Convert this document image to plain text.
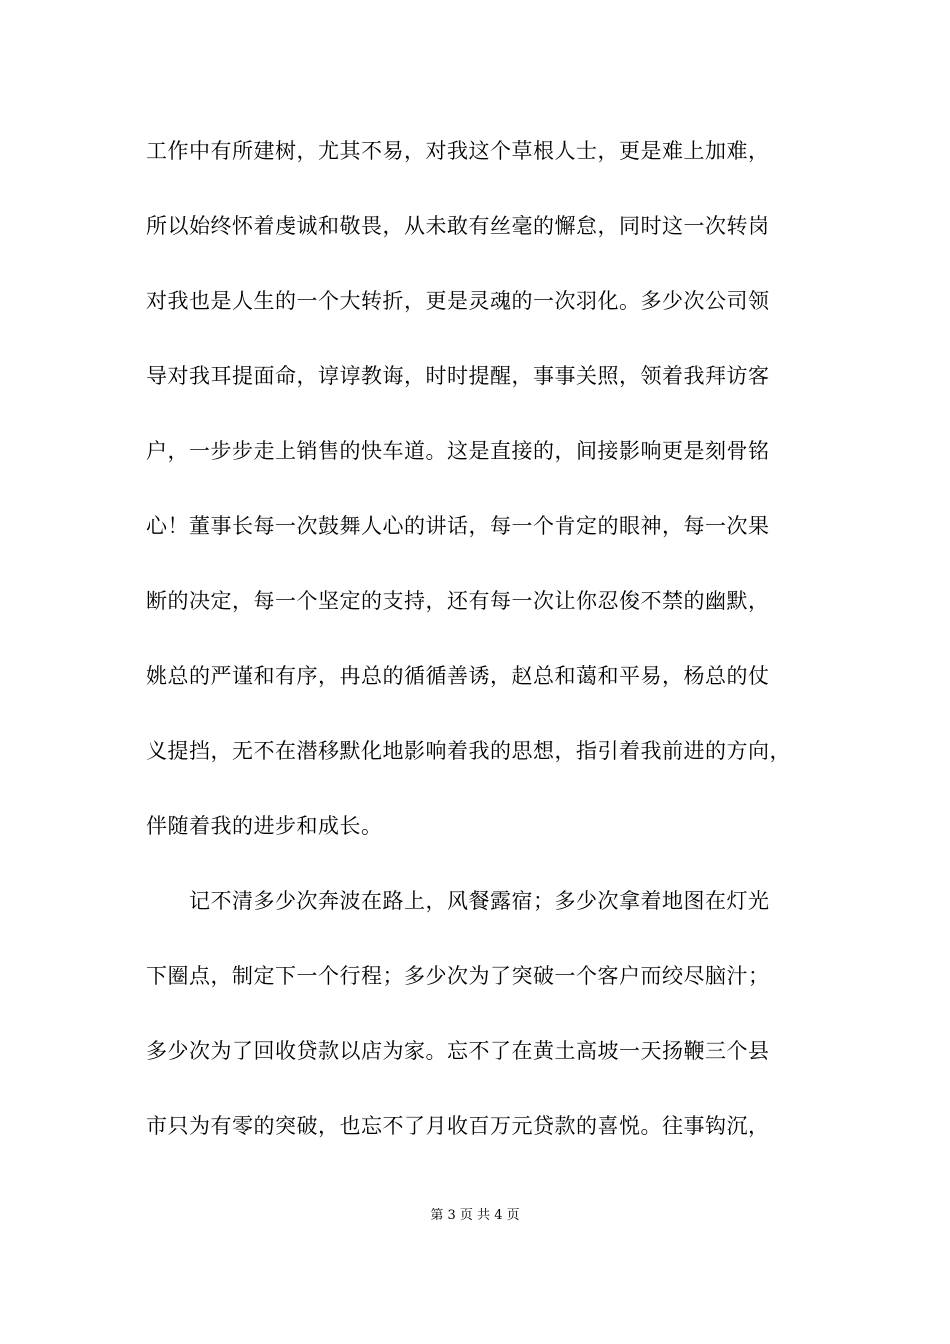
工作中有所建树，尤其不易，对我这个草根人士，更是难上加难，
所以始终怀着虔诚和敬畏，从未敢有丝毫的懈怠，同时这一次转岗
对我也是人生的一个大转折，更是灵魂的一次羽化。多少次公司领
导对我耳提面命，谆谆教诲，时时提醒，事事关照，领着我拜访客
户，一步步走上销售的快车道。这是直接的，间接影响更是刻骨铭
心！董事长每一次鼓舞人心的讲话，每一个肯定的眼神，每一次果
断的决定，每一个坚定的支持，还有每一次让你忍俊不禁的幽默，
姚总的严谨和有序，冉总的循循善诱，赵总和蔼和平易，杨总的仗
义提挡，无不在潜移默化地影响着我的思想，指引着我前进的方向，
伴随着我的进步和成长。
　　记不清多少次奔波在路上，风餐露宿；多少次拿着地图在灯光
下圈点，制定下一个行程；多少次为了突破一个客户而绞尽脑汁；
多少次为了回收贷款以店为家。忘不了在黄土高坡一天扬鞭三个县
市只为有零的突破，也忘不了月收百万元贷款的喜悦。往事钩沉，
第 3 页 共 4 页
